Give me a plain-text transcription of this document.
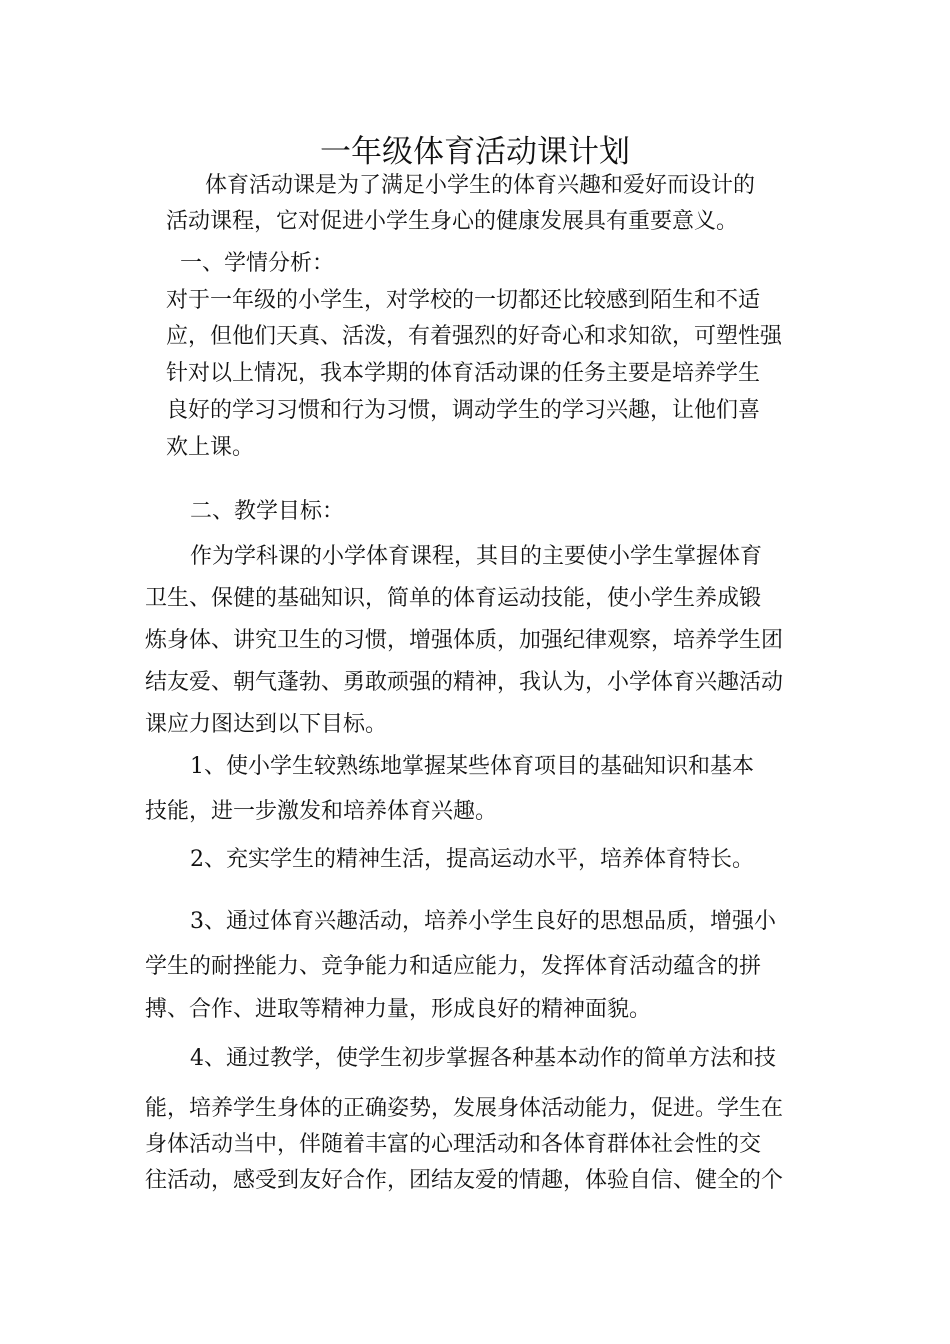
一年级体育活动课计划
体育活动课是为了满足小学生的体育兴趣和爱好而设计的
活动课程，它对促进小学生身心的健康发展具有重要意义。
一、学情分析：
对于一年级的小学生，对学校的一切都还比较感到陌生和不适
应，但他们天真、活泼，有着强烈的好奇心和求知欲，可塑性强
针对以上情况，我本学期的体育活动课的任务主要是培养学生
良好的学习习惯和行为习惯，调动学生的学习兴趣，让他们喜
欢上课。
二、教学目标：
作为学科课的小学体育课程，其目的主要使小学生掌握体育
卫生、保健的基础知识，简单的体育运动技能，使小学生养成锻
炼身体、讲究卫生的习惯，增强体质，加强纪律观察，培养学生团
结友爱、朝气蓬勃、勇敢顽强的精神，我认为，小学体育兴趣活动
课应力图达到以下目标。
1、使小学生较熟练地掌握某些体育项目的基础知识和基本
技能，进一步激发和培养体育兴趣。
2、充实学生的精神生活，提高运动水平，培养体育特长。
3、通过体育兴趣活动，培养小学生良好的思想品质，增强小
学生的耐挫能力、竞争能力和适应能力，发挥体育活动蕴含的拼
搏、合作、进取等精神力量，形成良好的精神面貌。
4、通过教学，使学生初步掌握各种基本动作的简单方法和技
能，培养学生身体的正确姿势，发展身体活动能力，促进。学生在
身体活动当中，伴随着丰富的心理活动和各体育群体社会性的交
往活动，感受到友好合作，团结友爱的情趣，体验自信、健全的个
